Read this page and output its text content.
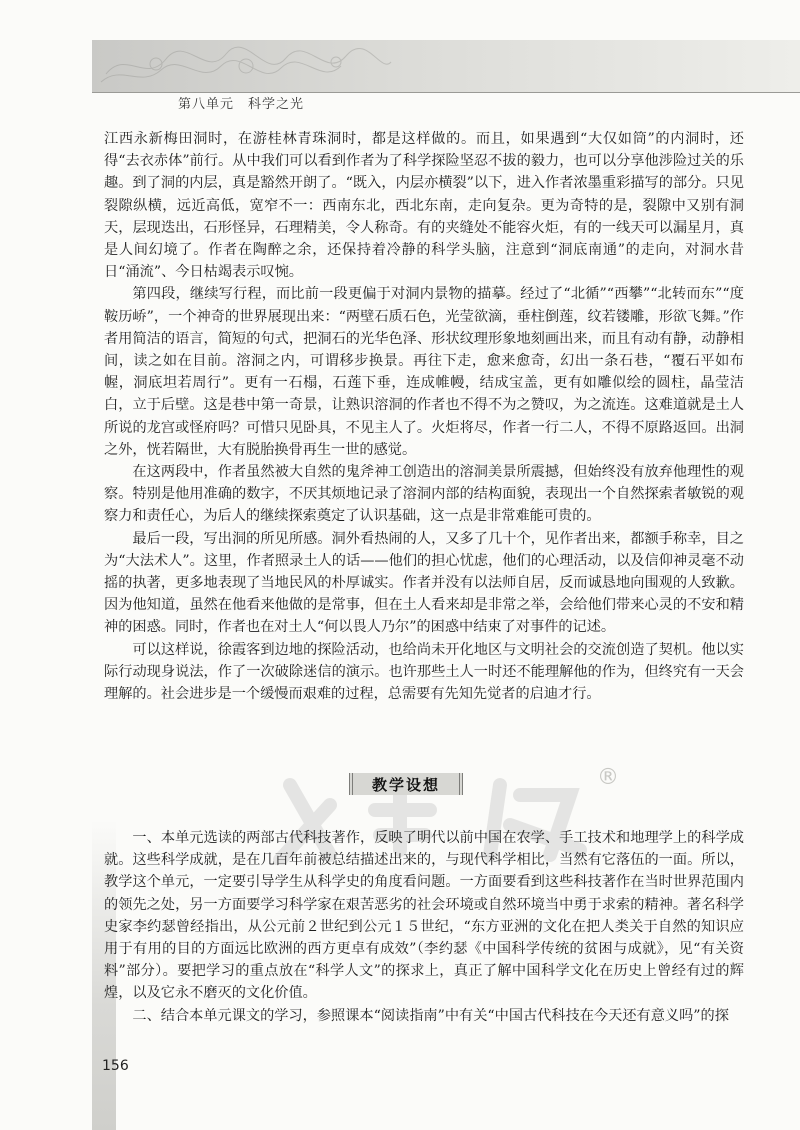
第八单元　科学之光

江西永新梅田洞时，在游桂林青珠洞时，都是这样做的。而且，如果遇到“大仅如筒”的内洞时，还得“去衣赤体”前行。从中我们可以看到作者为了科学探险坚忍不拔的毅力，也可以分享他涉险过关的乐趣。到了洞的内层，真是豁然开朗了。“既入，内层亦横裂”以下，进入作者浓墨重彩描写的部分。只见裂隙纵横，远近高低，宽窄不一：西南东北，西北东南，走向复杂。更为奇特的是，裂隙中又别有洞天，层现迭出，石形怪异，石理精美，令人称奇。有的夹缝处不能容火炬，有的一线天可以漏星月，真是人间幻境了。作者在陶醉之余，还保持着冷静的科学头脑，注意到“洞底南通”的走向，对洞水昔日“涌流”、今日枯竭表示叹惋。

第四段，继续写行程，而比前一段更偏于对洞内景物的描摹。经过了“北循”“西攀”“北转而东”“度鞍历峤”，一个神奇的世界展现出来：“两壁石质石色，光莹欲滴，垂柱倒莲，纹若镂雕，形欲飞舞。”作者用简洁的语言，简短的句式，把洞石的光华色泽、形状纹理形象地刻画出来，而且有动有静，动静相间，读之如在目前。溶洞之内，可谓移步换景。再往下走，愈来愈奇，幻出一条石巷，“覆石平如布幄，洞底坦若周行”。更有一石榻，石莲下垂，连成帷幔，结成宝盖，更有如雕似绘的圆柱，晶莹洁白，立于后壁。这是巷中第一奇景，让熟识溶洞的作者也不得不为之赞叹，为之流连。这难道就是土人所说的龙宫或怪府吗？可惜只见卧具，不见主人了。火炬将尽，作者一行二人，不得不原路返回。出洞之外，恍若隔世，大有脱胎换骨再生一世的感觉。

在这两段中，作者虽然被大自然的鬼斧神工创造出的溶洞美景所震撼，但始终没有放弃他理性的观察。特别是他用准确的数字，不厌其烦地记录了溶洞内部的结构面貌，表现出一个自然探索者敏锐的观察力和责任心，为后人的继续探索奠定了认识基础，这一点是非常难能可贵的。

最后一段，写出洞的所见所感。洞外看热闹的人，又多了几十个，见作者出来，都额手称幸，目之为“大法术人”。这里，作者照录土人的话——他们的担心忧虑，他们的心理活动，以及信仰神灵毫不动摇的执著，更多地表现了当地民风的朴厚诚实。作者并没有以法师自居，反而诚恳地向围观的人致歉。因为他知道，虽然在他看来他做的是常事，但在土人看来却是非常之举，会给他们带来心灵的不安和精神的困惑。同时，作者也在对土人“何以畏人乃尔”的困惑中结束了对事件的记述。

可以这样说，徐霞客到边地的探险活动，也给尚未开化地区与文明社会的交流创造了契机。他以实际行动现身说法，作了一次破除迷信的演示。也许那些土人一时还不能理解他的作为，但终究有一天会理解的。社会进步是一个缓慢而艰难的过程，总需要有先知先觉者的启迪才行。

®
教学设想

一、本单元选读的两部古代科技著作，反映了明代以前中国在农学、手工技术和地理学上的科学成就。这些科学成就，是在几百年前被总结描述出来的，与现代科学相比，当然有它落伍的一面。所以，教学这个单元，一定要引导学生从科学史的角度看问题。一方面要看到这些科技著作在当时世界范围内的领先之处，另一方面要学习科学家在艰苦恶劣的社会环境或自然环境当中勇于求索的精神。著名科学史家李约瑟曾经指出，从公元前２世纪到公元１５世纪，“东方亚洲的文化在把人类关于自然的知识应用于有用的目的方面远比欧洲的西方更卓有成效”（李约瑟《中国科学传统的贫困与成就》，见“有关资料”部分）。要把学习的重点放在“科学人文”的探求上，真正了解中国科学文化在历史上曾经有过的辉煌，以及它永不磨灭的文化价值。

二、结合本单元课文的学习，参照课本“阅读指南”中有关“中国古代科技在今天还有意义吗”的探

156
